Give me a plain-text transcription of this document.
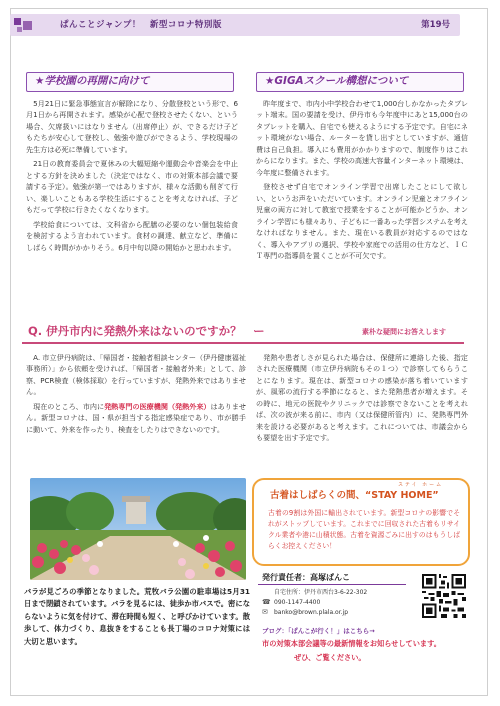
ぱんことジャンプ！　新型コロナ特別版	第19号
★学校園の再開に向けて

5月21日に緊急事態宣言が解除になり、分散登校という形で、6月1日から再開されます。感染が心配で登校させたくない、という場合、欠席扱いにはなりません（出席停止）が、できるだけ子どもたちが安心して登校し、勉強や遊びができるよう、学校現場の先生方は必死に準備しています。

21日の教育委員会で夏休みの大幅短縮や運動会や音楽会を中止とする方針を決めました（決定ではなく、市の対策本部会議で要請する予定）。勉強が第一ではありますが、様々な活動も削ぎて行い、楽しいこともある学校生活にすることを考えなければ、子どもだって学校に行きたくなくなります。

学校給食については、文科省から配膳の必要のない個包装給食を検討するよう言われています。食材の調達、献立など、準備にしばらく時間がかかりそう。6月中旬以降の開始かと思われます。

★GIGAスクール構想について

昨年度まで、市内小中学校合わせて1,000台しかなかったタブレット端末。国の要請を受け、伊丹市も今年度中にあと15,000台のタブレットを購入、自宅でも使えるようにする予定です。自宅にネット環境がない場合、ルーターを貸し出すとしていますが、通信費は自己負担。導入にも費用がかかりますので、制度作りはこれからになります。また、学校の高速大容量インターネット環境は、今年度に整備されます。

登校させず自宅でオンライン学習で出席したことにして欲しい、というお声をいただいています。オンライン児童とオフライン児童の両方に対して教室で授業をすることが可能かどうか、オンライン学習にも様々あり、子どもに一番あった学習システムを考えなければなりません。また、現在いる教員が対応するのではなく、導入やアプリの選択、学校や家庭での活用の仕方など、ＩＣＴ専門の指導員を置くことが不可欠です。

Q. 伊丹市内に発熱外来はないのですか？　ー	素朴な疑問にお答えします

A. 市立伊丹病院は、「帰国者・接触者相談センター（伊丹健康福祉事務所）」から依頼を受ければ、「帰国者・接触者外来」として、診察、PCR検査（検体採取）を行っていますが、発熱外来ではありません。

現在のところ、市内に発熱専門の医療機関（発熱外来）はありません。新型コロナは、国・県が担当する指定感染症であり、市が勝手に動いて、外来を作ったり、検査をしたりはできないのです。

発熱や患者しさが見られた場合は、保健所に連絡した後、指定された医療機関（市立伊丹病院もその１つ）で診察してもらうことになります。現在は、新型コロナの感染が落ち着いていますが、風邪の流行する季節になると、また発熱患者が増えます。その時に、地元の医院やクリニックでは診察できないことを考えれば、次の波が来る前に、市内（又は保健所管内）に、発熱専門外来を設ける必要があると考えます。これについては、市議会からも要望を出す予定です。

バラが見ごろの季節となりました。荒牧バラ公園の駐車場は5月31日まで閉鎖されています。バラを見るには、徒歩か市バスで。密にならないように気を付けて、滞在時間も短く、と呼びかけています。散歩して、体力づくり、息抜きをすることも長丁場のコロナ対策には大切と思います。
ステイ ホーム
古着はしばらくの間、“STAY HOME”
古着の9割は外国に輸出されています。新型コロナの影響でそれがストップしています。これまでに回収された古着もリサイクル業者や港に山積状態。古着を資源ごみに出すのはもうしばらくお控えください！
発行責任者：高塚ぱんこ
自宅住所：伊丹市西台3-6-22-302
☎ 090-1147-4400
✉	banko@brown.plala.or.jp
ブログ：「ぱんこが行く！」はこちら→
市の対策本部会議等の最新情報をお知らせしています。
ぜひ、ご覧ください。
